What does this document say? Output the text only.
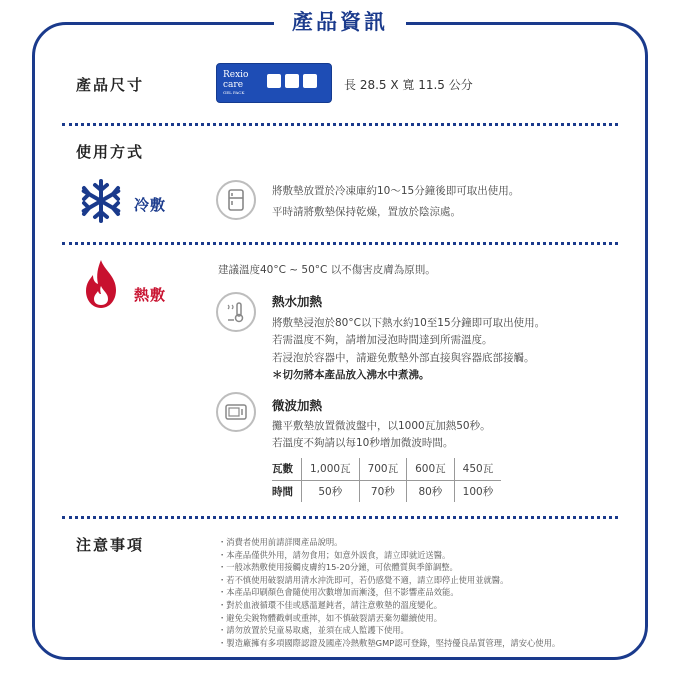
產品資訊
產品尺寸
Rexio
care
GEL PACK
長 28.5 X 寬 11.5 公分
使用方式
冷敷
將敷墊放置於冷凍庫約10〜15分鐘後即可取出使用。
平時請將敷墊保持乾燥，置放於陰涼處。
熱敷
建議溫度40°C ~ 50°C 以不傷害皮膚為原則。
熱水加熱
將敷墊浸泡於80°C以下熱水約10至15分鐘即可取出使用。
若需溫度不夠，請增加浸泡時間達到所需溫度。
若浸泡於容器中，請避免敷墊外部直接與容器底部接觸。
＊切勿將本產品放入沸水中煮沸。
微波加熱
攤平敷墊放置微波盤中，以1000瓦加熱50秒。
若溫度不夠請以每10秒增加微波時間。
瓦數	1,000瓦	700瓦	600瓦	450瓦
時間	50秒	70秒	80秒	100秒
注意事項	・消費者使用前請詳閱產品說明。
・本產品僅供外用，請勿食用；如意外誤食，請立即就近送醫。
・一般冰熱敷使用接觸皮膚約15-20分鐘，可依體質與季節調整。
・若不慎使用破裂請用清水沖洗即可，若仍感覺不適，請立即停止使用並就醫。
・本產品印刷顏色會隨使用次數增加而漸淺，但不影響產品效能。
・對於血液循環不佳或感溫遲鈍者，請注意敷墊的溫度變化。
・避免尖銳物體戳刺或重摔，如不慎破裂請丟棄勿繼續使用。
・請勿放置於兒童易取處，並須在成人監護下使用。
・製造廠擁有多項國際認證及國產冷熱敷墊GMP認可登錄，堅持優良品質管理，請安心使用。
